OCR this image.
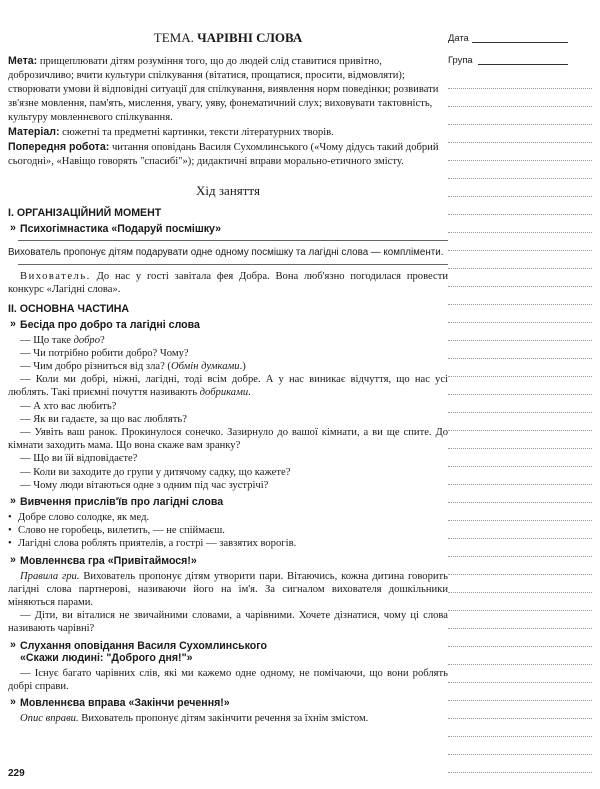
ТЕМА. ЧАРІВНІ СЛОВА

Мета: прищеплювати дітям розуміння того, що до людей слід ставитися привітно, доброзичливо; вчити культури спілкування (вітатися, прощатися, просити, відмовляти); створювати умови й відповідні ситуації для спілкування, виявлення норм поведінки; розвивати зв'язне мовлення, пам'ять, мислення, увагу, уяву, фонематичний слух; виховувати тактовність, культуру мовленнєвого спілкування.

Матеріал: сюжетні та предметні картинки, тексти літературних творів.

Попередня робота: читання оповідань Василя Сухомлинського («Чому дідусь такий добрий сьогодні», «Навіщо говорять "спасибі"»); дидактичні вправи морально-етичного змісту.

Хід заняття
І. ОРГАНІЗАЦІЙНИЙ МОМЕНТ
» Психогімнастика «Подаруй посмішку»

Вихователь пропонує дітям подарувати одне одному посмішку та лагідні слова — компліменти.

Вихователь. До нас у гості завітала фея Добра. Вона люб'язно погодилася провести конкурс «Лагідні слова».

ІІ. ОСНОВНА ЧАСТИНА
» Бесіда про добро та лагідні слова

— Що таке добро?

— Чи потрібно робити добро? Чому?

— Чим добро різниться від зла? (Обмін думками.)

— Коли ми добрі, ніжні, лагідні, тоді всім добре. А у нас виникає відчуття, що нас усі люблять. Такі приємні почуття називають добриками.

— А хто вас любить?

— Як ви гадаєте, за що вас люблять?

— Уявіть ваш ранок. Прокинулося сонечко. Зазирнуло до вашої кімнати, а ви ще спите. До кімнати заходить мама. Що вона скаже вам зранку?

— Що ви їй відповідаєте?

— Коли ви заходите до групи у дитячому садку, що кажете?

— Чому люди вітаються одне з одним під час зустрічі?

» Вивчення прислів'їв про лагідні слова

• Добре слово солодке, як мед.

• Слово не горобець, вилетить, — не спіймаєш.

• Лагідні слова роблять приятелів, а гострі — завзятих ворогів.

» Мовленнєва гра «Привітаймося!»

Правила гри. Вихователь пропонує дітям утворити пари. Вітаючись, кожна дитина говорить лагідні слова партнерові, називаючи його на ім'я. За сигналом вихователя дошкільники міняються парами.

— Діти, ви віталися не звичайними словами, а чарівними. Хочете дізнатися, чому ці слова називають чарівні?

» Слухання оповідання Василя Сухомлинського
«Скажи людині: "Доброго дня!"»

— Існує багато чарівних слів, які ми кажемо одне одному, не помічаючи, що вони роблять добрі справи.

» Мовленнєва вправа «Закінчи речення!»

Опис вправи. Вихователь пропонує дітям закінчити речення за їхнім змістом.

Дата
Група
229
